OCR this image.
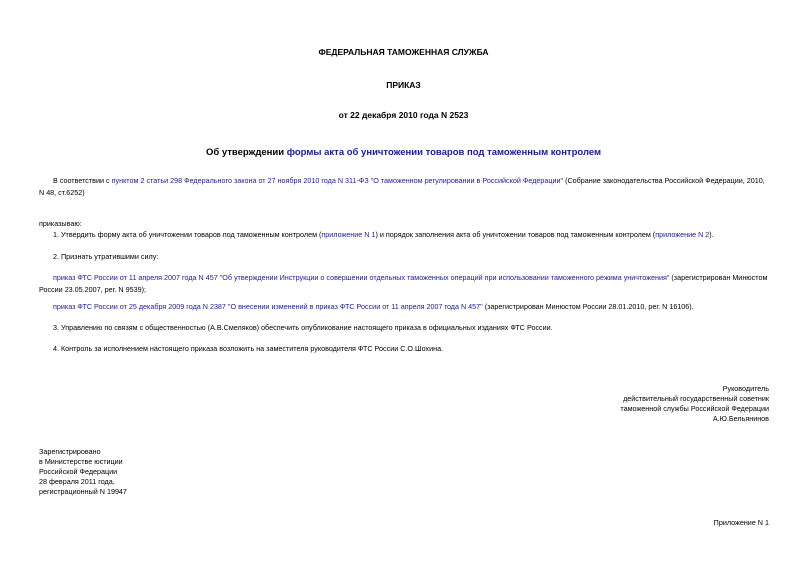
ФЕДЕРАЛЬНАЯ ТАМОЖЕННАЯ СЛУЖБА
ПРИКАЗ
от 22 декабря 2010 года N 2523
Об утверждении формы акта об уничтожении товаров под таможенным контролем
В соответствии с пунктом 2 статьи 298 Федерального закона от 27 ноября 2010 года N 311-ФЗ "О таможенном регулировании в Российской Федерации" (Собрание законодательства Российской Федерации, 2010,
N 48, ст.6252)
приказываю:
1. Утвердить форму акта об уничтожении товаров под таможенным контролем (приложение N 1) и порядок заполнения акта об уничтожении товаров под таможенным контролем (приложение N 2).
2. Признать утратившими силу:
приказ ФТС России от 11 апреля 2007 года N 457 "Об утверждении Инструкции о совершении отдельных таможенных операций при использовании таможенного режима уничтожения" (зарегистрирован Минюстом
России 23.05.2007, рег. N 9539);
приказ ФТС России от 25 декабря 2009 года N 2387 "О внесении изменений в приказ ФТС России от 11 апреля 2007 года N 457" (зарегистрирован Минюстом России 28.01.2010, рег. N 16106).
3. Управлению по связям с общественностью (А.В.Смеляков) обеспечить опубликование настоящего приказа в официальных изданиях ФТС России.
4. Контроль за исполнением настоящего приказа возложить на заместителя руководителя ФТС России С.О.Шохина.
Руководитель
действительный государственный советник
таможенной службы Российской Федерации
А.Ю.Бельянинов
Зарегистрировано
в Министерстве юстиции
Российской Федерации
28 февраля 2011 года,
регистрационный N 19947
Приложение N 1
